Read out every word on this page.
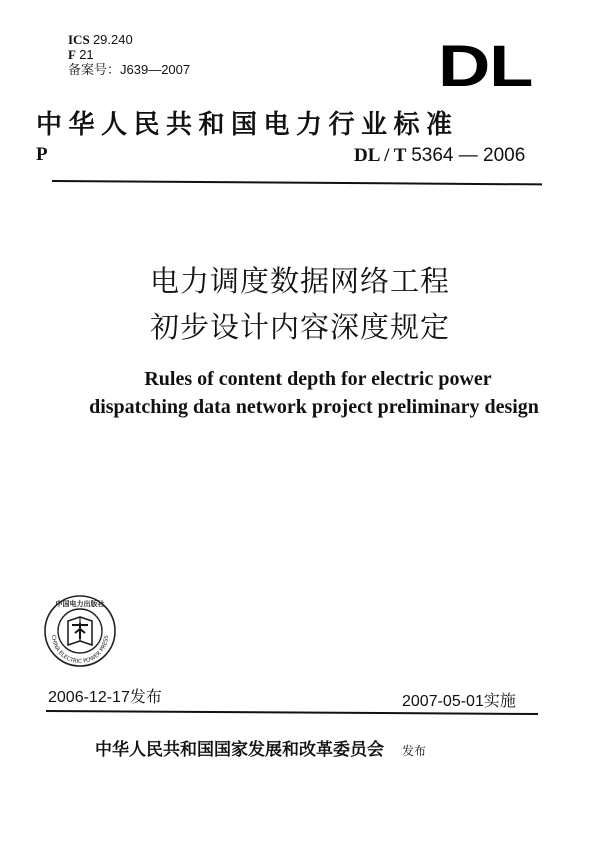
ICS 29.240
F 21
备案号：J639—2007	DL
中华人民共和国电力行业标准
P	DL / T 5364 — 2006
电力调度数据网络工程
初步设计内容深度规定
Rules of content depth for electric power
dispatching data network project preliminary design
中国电力出版社
CHINA ELECTRIC POWER PRESS
2006-12-17发布	2007-05-01实施
中华人民共和国国家发展和改革委员会 发布
